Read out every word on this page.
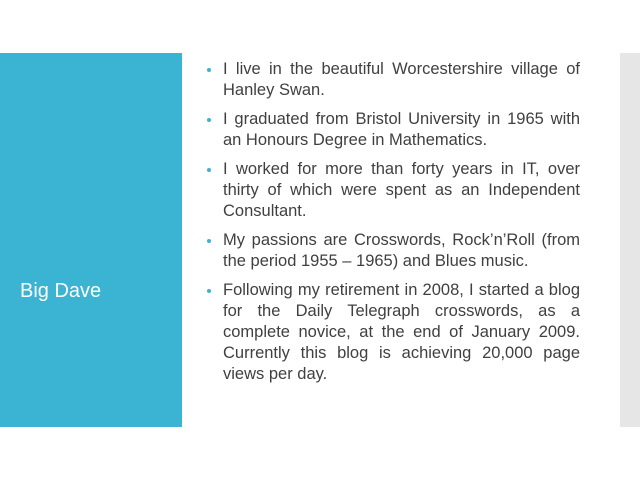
Big Dave
I live in the beautiful Worcestershire village of Hanley Swan.
I graduated from Bristol University in 1965 with an Honours Degree in Mathematics.
I worked for more than forty years in IT, over thirty of which were spent as an Independent Consultant.
My passions are Crosswords, Rock’n’Roll (from the period 1955 – 1965) and Blues music.
Following my retirement in 2008, I started a blog for the Daily Telegraph crosswords, as a complete novice, at the end of January 2009. Currently this blog is achieving 20,000 page views per day.
